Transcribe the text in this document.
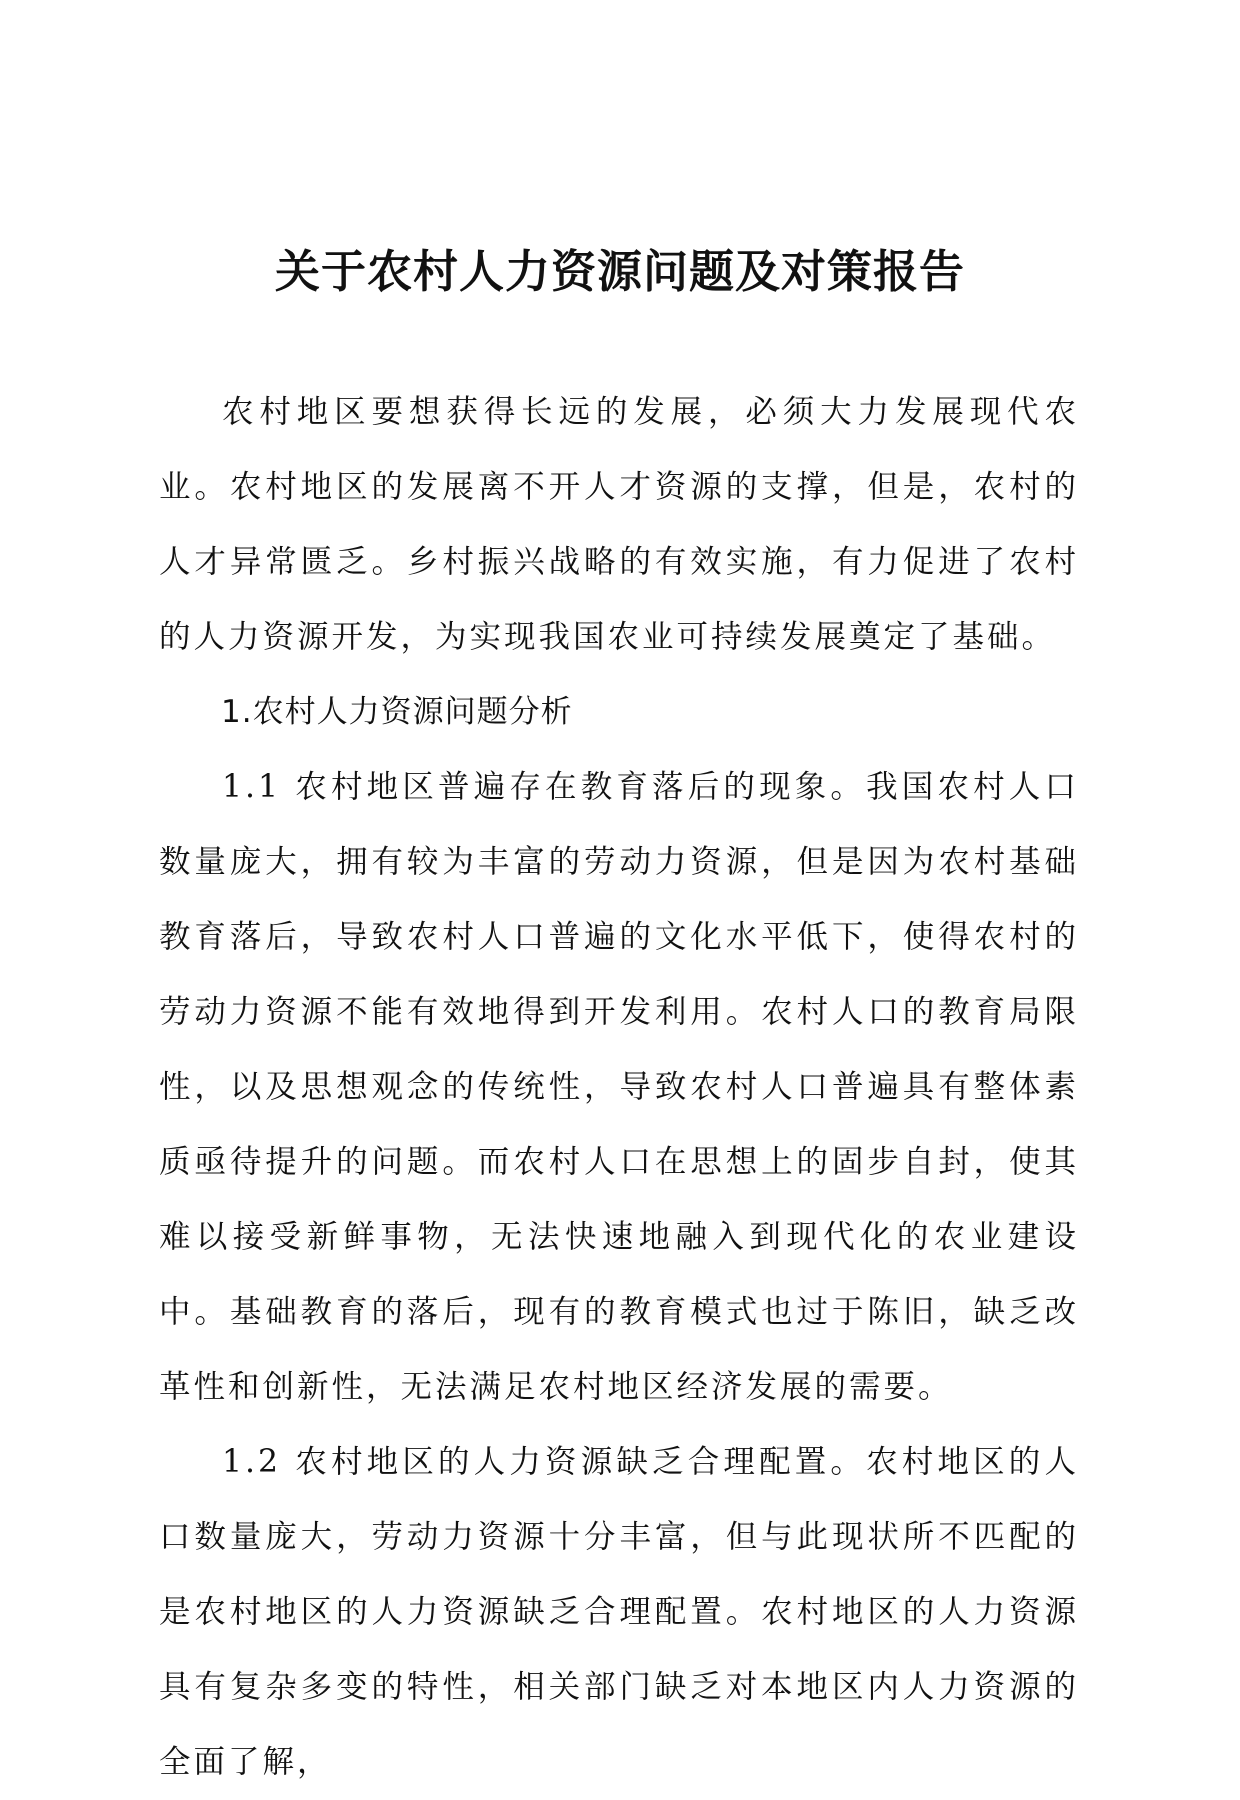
关于农村人力资源问题及对策报告

农村地区要想获得长远的发展，必须大力发展现代农业。农村地区的发展离不开人才资源的支撑，但是，农村的人才异常匮乏。乡村振兴战略的有效实施，有力促进了农村的人力资源开发，为实现我国农业可持续发展奠定了基础。

1.农村人力资源问题分析

1.1 农村地区普遍存在教育落后的现象。我国农村人口数量庞大，拥有较为丰富的劳动力资源，但是因为农村基础教育落后，导致农村人口普遍的文化水平低下，使得农村的劳动力资源不能有效地得到开发利用。农村人口的教育局限性，以及思想观念的传统性，导致农村人口普遍具有整体素质亟待提升的问题。而农村人口在思想上的固步自封，使其难以接受新鲜事物，无法快速地融入到现代化的农业建设中。基础教育的落后，现有的教育模式也过于陈旧，缺乏改革性和创新性，无法满足农村地区经济发展的需要。

1.2 农村地区的人力资源缺乏合理配置。农村地区的人口数量庞大，劳动力资源十分丰富，但与此现状所不匹配的是农村地区的人力资源缺乏合理配置。农村地区的人力资源具有复杂多变的特性，相关部门缺乏对本地区内人力资源的全面了解，
